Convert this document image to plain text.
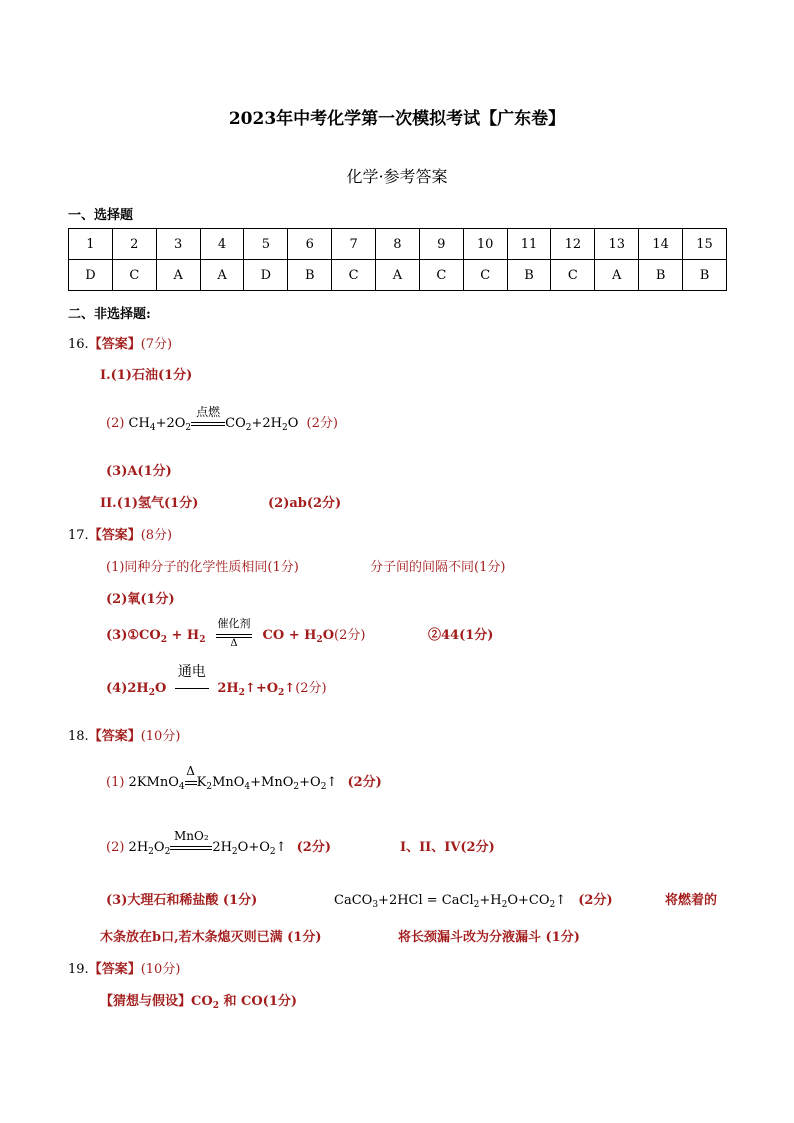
2023年中考化学第一次模拟考试【广东卷】
化学·参考答案
一、选择题
1	2	3	4	5	6	7	8	9	10	11	12	13	14	15
D	C	A	A	D	B	C	A	C	C	B	C	A	B	B
二、非选择题:
16.【答案】(7分)
I.(1)石油(1分)
(2) $CH_4+2O_2$
点燃
$CO_2+2H_2O$ (2分)
(3)A(1分)
II.(1)氢气(1分)	(2)ab(2分)
17.【答案】(8分)
(1)同种分子的化学性质相同(1分)	分子间的间隔不同(1分)
(2)氧(1分)
$(3)①CO_2 + H_2$
催化剂
Δ
CO + $H_2O(2$分)	②44(1分)
$(4)2H_2O$
通电
$2H_2↑+O_2↑(2$分)
18.【答案】(10分)
(1) 2KMnO$_4$
Δ
$K_2MnO_4+MnO_2+O_2↑$ (2分)
(2) $2H_2O_2$
MnO₂
$2H_2O+O_2↑$ (2分)	I、II、IV(2分)
(3)大理石和稀盐酸 (1分)	CaCO$_3$+2HCl = $CaCl_2+H_2O+CO_2↑$ (2分)	将燃着的
木条放在b口,若木条熄灭则已满 (1分)	将长颈漏斗改为分液漏斗 (1分)
19.【答案】(10分)
【猜想与假设】$CO_2$ 和 CO(1分)
